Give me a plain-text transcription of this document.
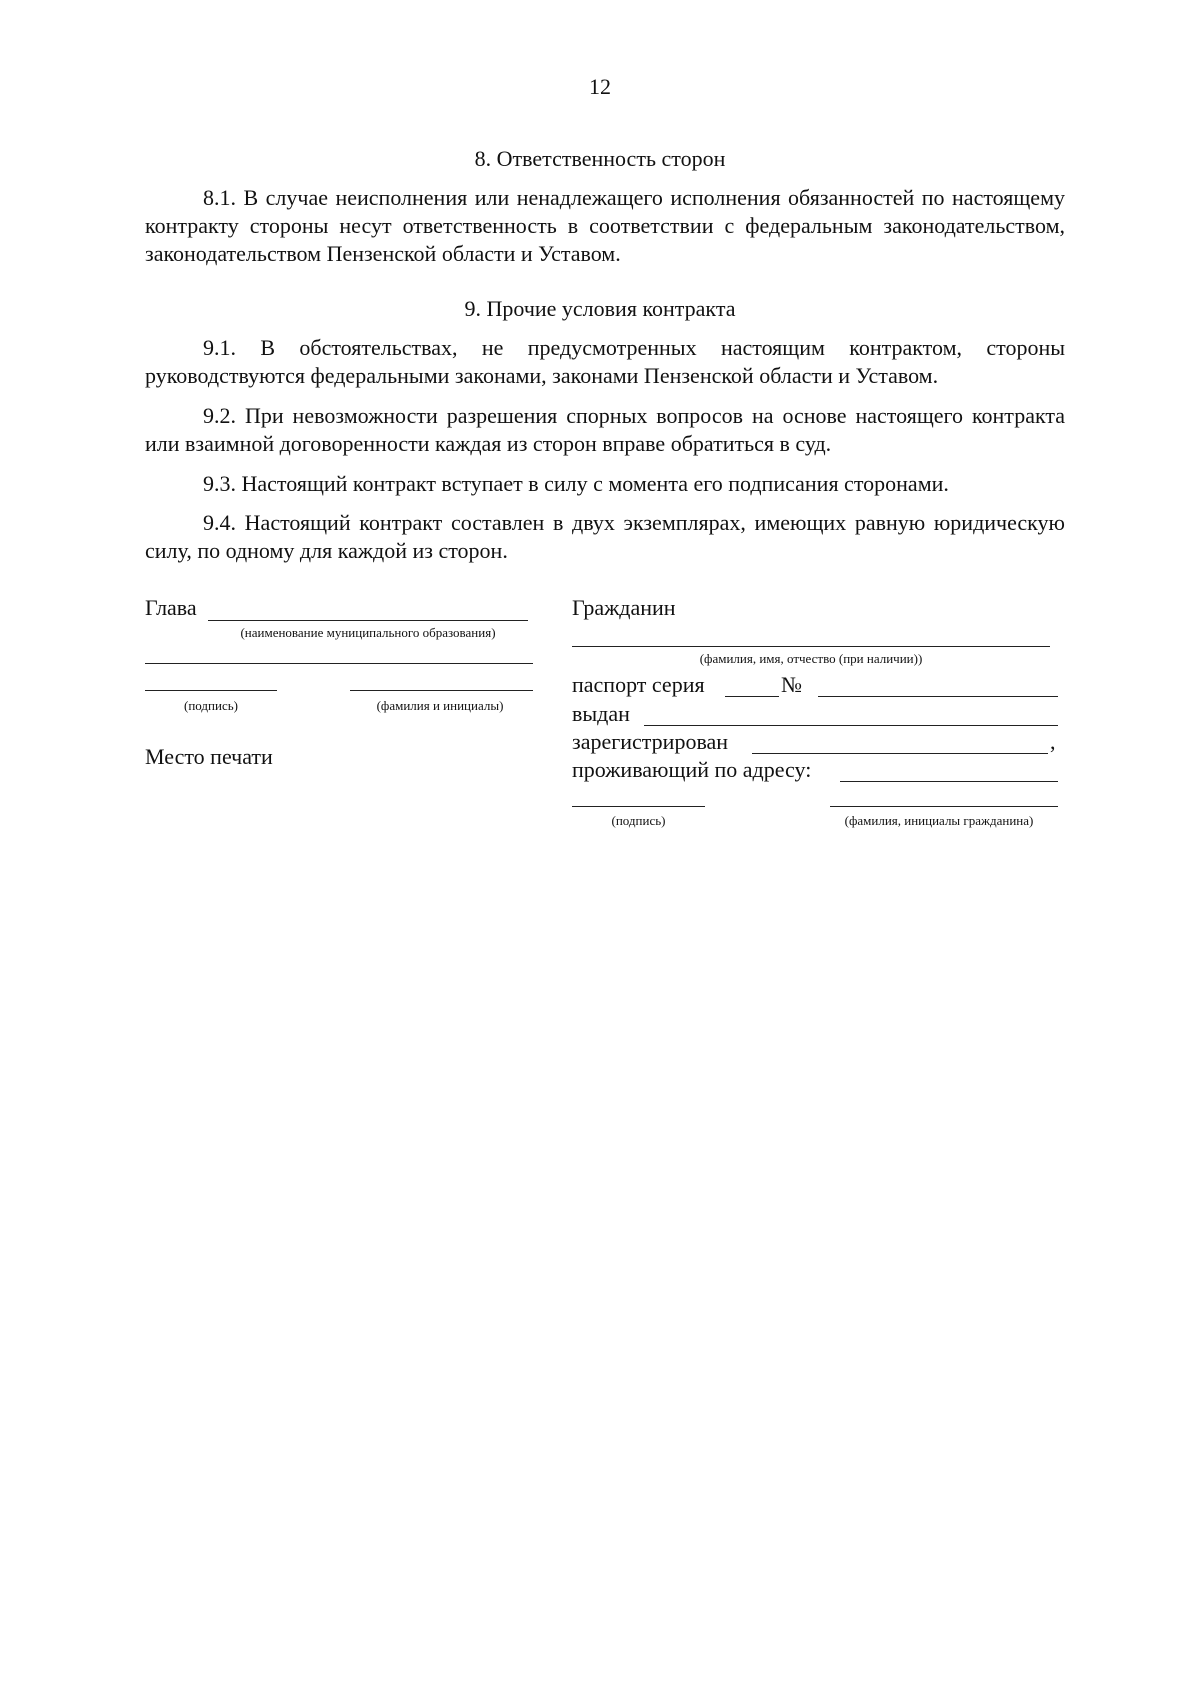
12
8. Ответственность сторон

8.1. В случае неисполнения или ненадлежащего исполнения обязанностей по настоящему контракту стороны несут ответственность в соответствии с федеральным законодательством, законодательством Пензенской области и Уставом.

9. Прочие условия контракта

9.1. В обстоятельствах, не предусмотренных настоящим контрактом, стороны руководствуются федеральными законами, законами Пензенской области и Уставом.

9.2. При невозможности разрешения спорных вопросов на основе настоящего контракта или взаимной договоренности каждая из сторон вправе обратиться в суд.

9.3. Настоящий контракт вступает в силу с момента его подписания сторонами.

9.4. Настоящий контракт составлен в двух экземплярах, имеющих равную юридическую силу, по одному для каждой из сторон.

Глава
(наименование муниципального образования)
(подпись)	(фамилия и инициалы)
Место печати
Гражданин
(фамилия, имя, отчество (при наличии))
паспорт серия	№
выдан
зарегистрирован	,
проживающий по адресу:
(подпись)	(фамилия, инициалы гражданина)
